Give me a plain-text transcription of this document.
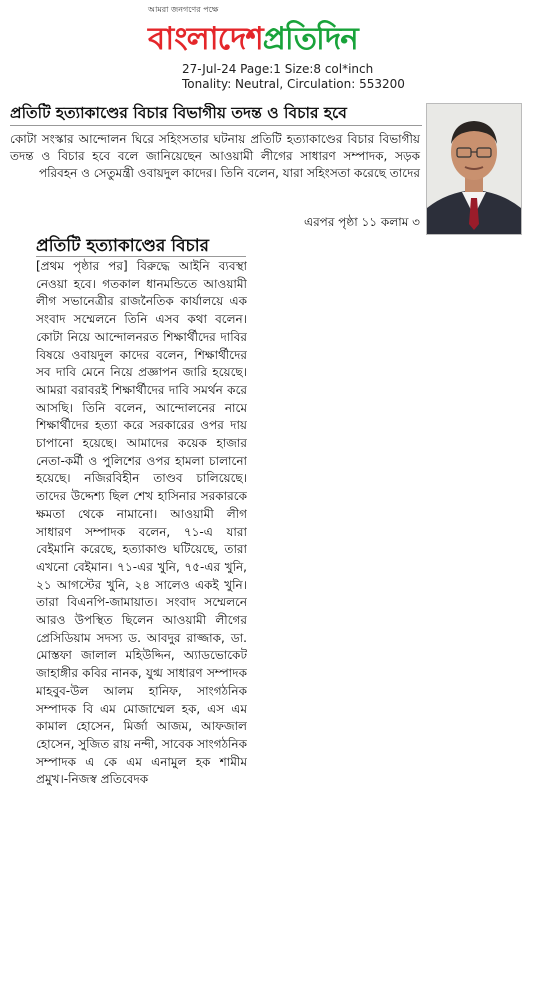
আমরা জনগণের পক্ষে
বাংলাদেশ প্রতিদিন
27-Jul-24 Page:1 Size:8 col*inch
Tonality: Neutral, Circulation: 553200
প্রতিটি হত্যাকাণ্ডের বিচার বিভাগীয় তদন্ত ও বিচার হবে
কোটা সংস্কার আন্দোলন ঘিরে সহিংসতার ঘটনায় প্রতিটি হত্যাকাণ্ডের বিচার বিভাগীয় তদন্ত ও বিচার হবে বলে জানিয়েছেন আওয়ামী লীগের সাধারণ সম্পাদক, সড়ক পরিবহন ও সেতুমন্ত্রী ওবায়দুল কাদের। তিনি বলেন, যারা সহিংসতা করেছে তাদের
এরপর পৃষ্ঠা ১১ কলাম ৩
প্রতিটি হত্যাকাণ্ডের বিচার
[প্রথম পৃষ্ঠার পর] বিরুদ্ধে আইনি ব্যবস্থা নেওয়া হবে। গতকাল ধানমন্ডিতে আওয়ামী লীগ সভানেত্রীর রাজনৈতিক কার্যালয়ে এক সংবাদ সম্মেলনে তিনি এসব কথা বলেন। কোটা নিয়ে আন্দোলনরত শিক্ষার্থীদের দাবির বিষয়ে ওবায়দুল কাদের বলেন, শিক্ষার্থীদের সব দাবি মেনে নিয়ে প্রজ্ঞাপন জারি হয়েছে। আমরা বরাবরই শিক্ষার্থীদের দাবি সমর্থন করে আসছি। তিনি বলেন, আন্দোলনের নামে শিক্ষার্থীদের হত্যা করে সরকারের ওপর দায় চাপানো হয়েছে। আমাদের কয়েক হাজার নেতা-কর্মী ও পুলিশের ওপর হামলা চালানো হয়েছে। নজিরবিহীন তাণ্ডব চালিয়েছে। তাদের উদ্দেশ্য ছিল শেখ হাসিনার সরকারকে ক্ষমতা থেকে নামানো। আওয়ামী লীগ সাধারণ সম্পাদক বলেন, ৭১-এ যারা বেইমানি করেছে, হত্যাকাণ্ড ঘটিয়েছে, তারা এখনো বেইমান। ৭১-এর খুনি, ৭৫-এর খুনি, ২১ আগস্টের খুনি, ২৪ সালেও একই খুনি। তারা বিএনপি-জামায়াত। সংবাদ সম্মেলনে আরও উপস্থিত ছিলেন আওয়ামী লীগের প্রেসিডিয়াম সদস্য ড. আবদুর রাজ্জাক, ডা. মোস্তফা জালাল মহিউদ্দিন, অ্যাডভোকেট জাহাঙ্গীর কবির নানক, যুগ্ম সাধারণ সম্পাদক মাহবুব-উল আলম হানিফ, সাংগঠনিক সম্পাদক বি এম মোজাম্মেল হক, এস এম কামাল হোসেন, মির্জা আজম, আফজাল হোসেন, সুজিত রায় নন্দী, সাবেক সাংগঠনিক সম্পাদক এ কে এম এনামুল হক শামীম প্রমুখ।-নিজস্ব প্রতিবেদক
